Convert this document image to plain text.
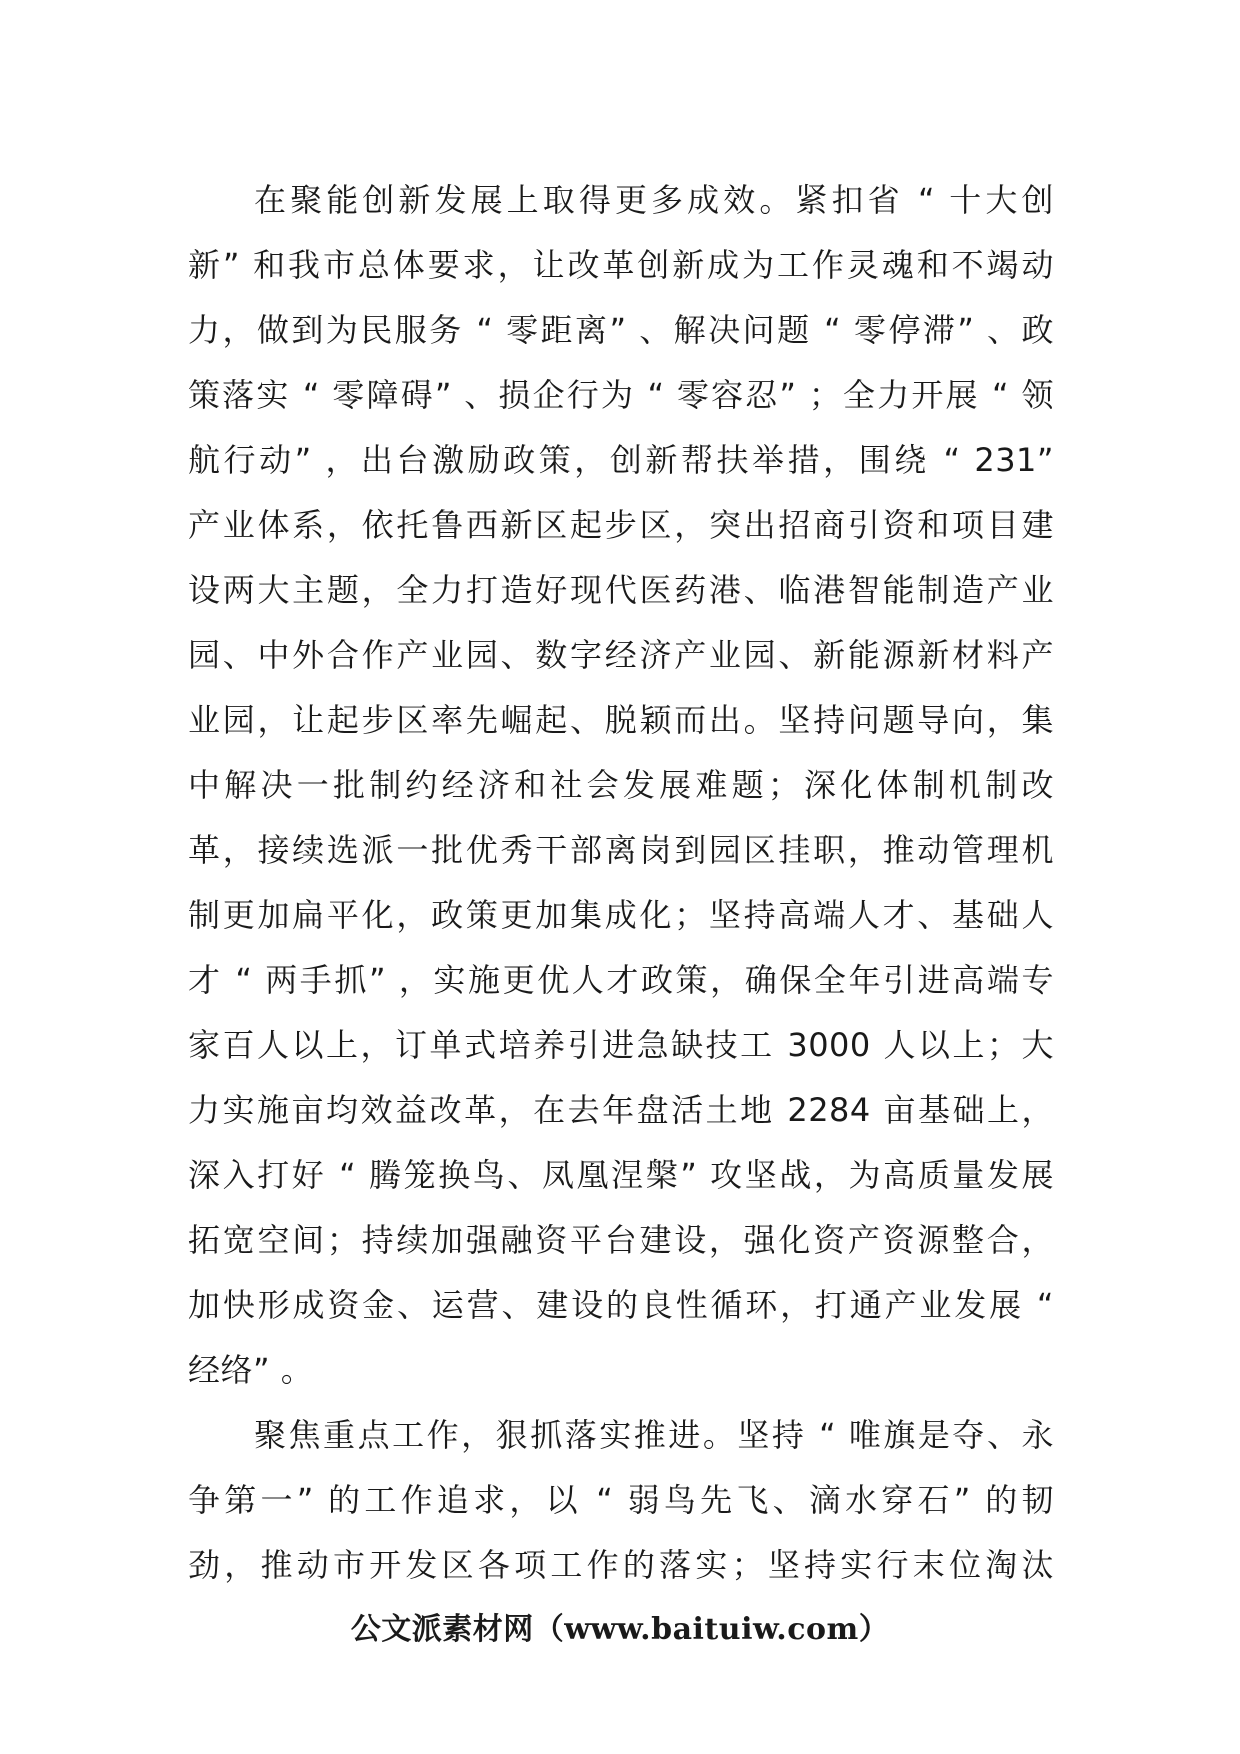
在聚能创新发展上取得更多成效。紧扣省 “ 十大创
新” 和我市总体要求，让改革创新成为工作灵魂和不竭动
力，做到为民服务 “ 零距离” 、解决问题 “ 零停滞” 、政
策落实 “ 零障碍” 、损企行为 “ 零容忍” ；全力开展 “ 领
航行动” ，出台激励政策，创新帮扶举措，围绕 “ 231”
产业体系，依托鲁西新区起步区，突出招商引资和项目建
设两大主题，全力打造好现代医药港、临港智能制造产业
园、中外合作产业园、数字经济产业园、新能源新材料产
业园，让起步区率先崛起、脱颖而出。坚持问题导向，集
中解决一批制约经济和社会发展难题；深化体制机制改
革，接续选派一批优秀干部离岗到园区挂职，推动管理机
制更加扁平化，政策更加集成化；坚持高端人才、基础人
才 “ 两手抓” ，实施更优人才政策，确保全年引进高端专
家百人以上，订单式培养引进急缺技工 3000 人以上；大
力实施亩均效益改革，在去年盘活土地 2284 亩基础上，
深入打好 “ 腾笼换鸟、凤凰涅槃” 攻坚战，为高质量发展
拓宽空间；持续加强融资平台建设，强化资产资源整合，
加快形成资金、运营、建设的良性循环，打通产业发展 “
经络” 。
聚焦重点工作，狠抓落实推进。坚持 “ 唯旗是夺、永
争第一” 的工作追求，以 “ 弱鸟先飞、滴水穿石” 的韧
劲，推动市开发区各项工作的落实；坚持实行末位淘汰
公文派素材网（www.baituiw.com）
